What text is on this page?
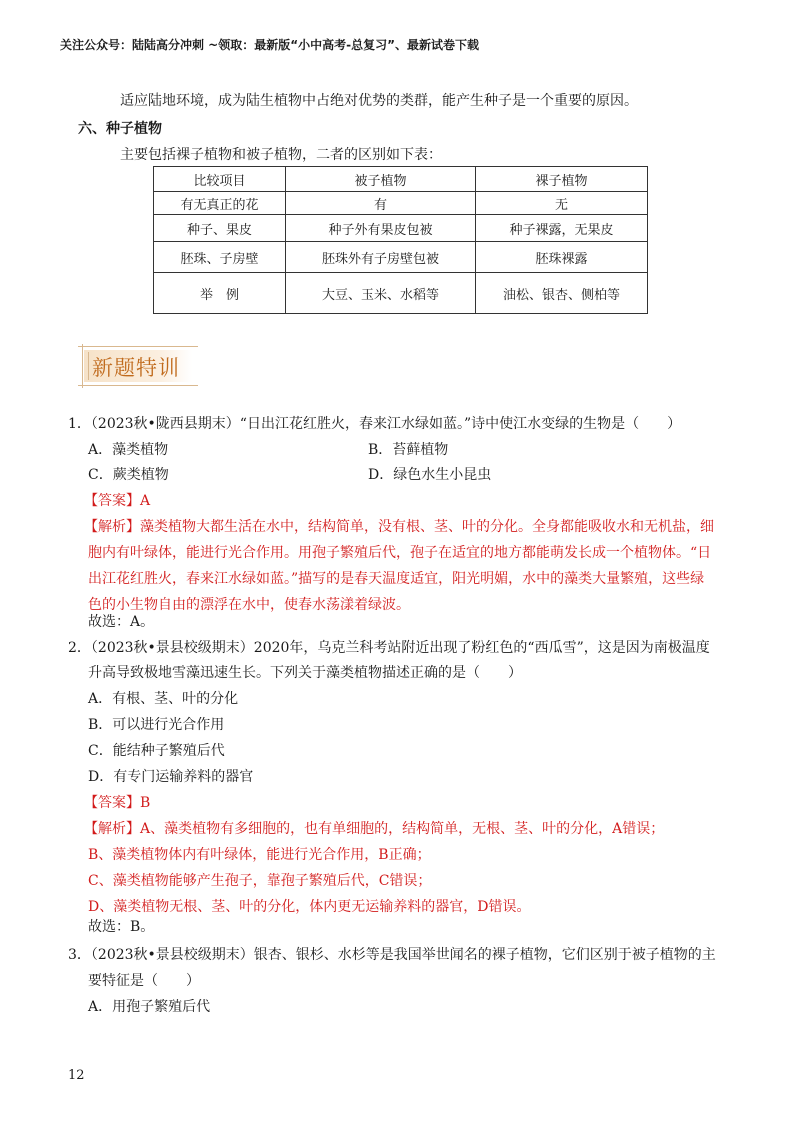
关注公众号：陆陆高分冲刺 ~领取：最新版“小中高考-总复习”、最新试卷下载
适应陆地环境，成为陆生植物中占绝对优势的类群，能产生种子是一个重要的原因。
六、种子植物
主要包括裸子植物和被子植物，二者的区别如下表：
比较项目	被子植物	裸子植物
有无真正的花	有	无
种子、果皮	种子外有果皮包被	种子裸露，无果皮
胚珠、子房壁	胚珠外有子房壁包被	胚珠裸露
举　例	大豆、玉米、水稻等	油松、银杏、侧柏等
新题特训
1．（2023秋•陇西县期末）“日出江花红胜火，春来江水绿如蓝。”诗中使江水变绿的生物是（　　）
A．藻类植物	B．苔藓植物
C．蕨类植物	D．绿色水生小昆虫
【答案】A
【解析】藻类植物大都生活在水中，结构简单，没有根、茎、叶的分化。全身都能吸收水和无机盐，细
胞内有叶绿体，能进行光合作用。用孢子繁殖后代，孢子在适宜的地方都能萌发长成一个植物体。“日
出江花红胜火，春来江水绿如蓝。”描写的是春天温度适宜，阳光明媚，水中的藻类大量繁殖，这些绿
色的小生物自由的漂浮在水中，使春水荡漾着绿波。
故选：A。
2．（2023秋•景县校级期末）2020年，乌克兰科考站附近出现了粉红色的“西瓜雪”，这是因为南极温度
升高导致极地雪藻迅速生长。下列关于藻类植物描述正确的是（　　）
A．有根、茎、叶的分化
B．可以进行光合作用
C．能结种子繁殖后代
D．有专门运输养料的器官
【答案】B
【解析】A、藻类植物有多细胞的，也有单细胞的，结构简单，无根、茎、叶的分化，A错误；
B、藻类植物体内有叶绿体，能进行光合作用，B正确；
C、藻类植物能够产生孢子，靠孢子繁殖后代，C错误；
D、藻类植物无根、茎、叶的分化，体内更无运输养料的器官，D错误。
故选：B。
3．（2023秋•景县校级期末）银杏、银杉、水杉等是我国举世闻名的裸子植物，它们区别于被子植物的主
要特征是（　　）
A．用孢子繁殖后代
12
